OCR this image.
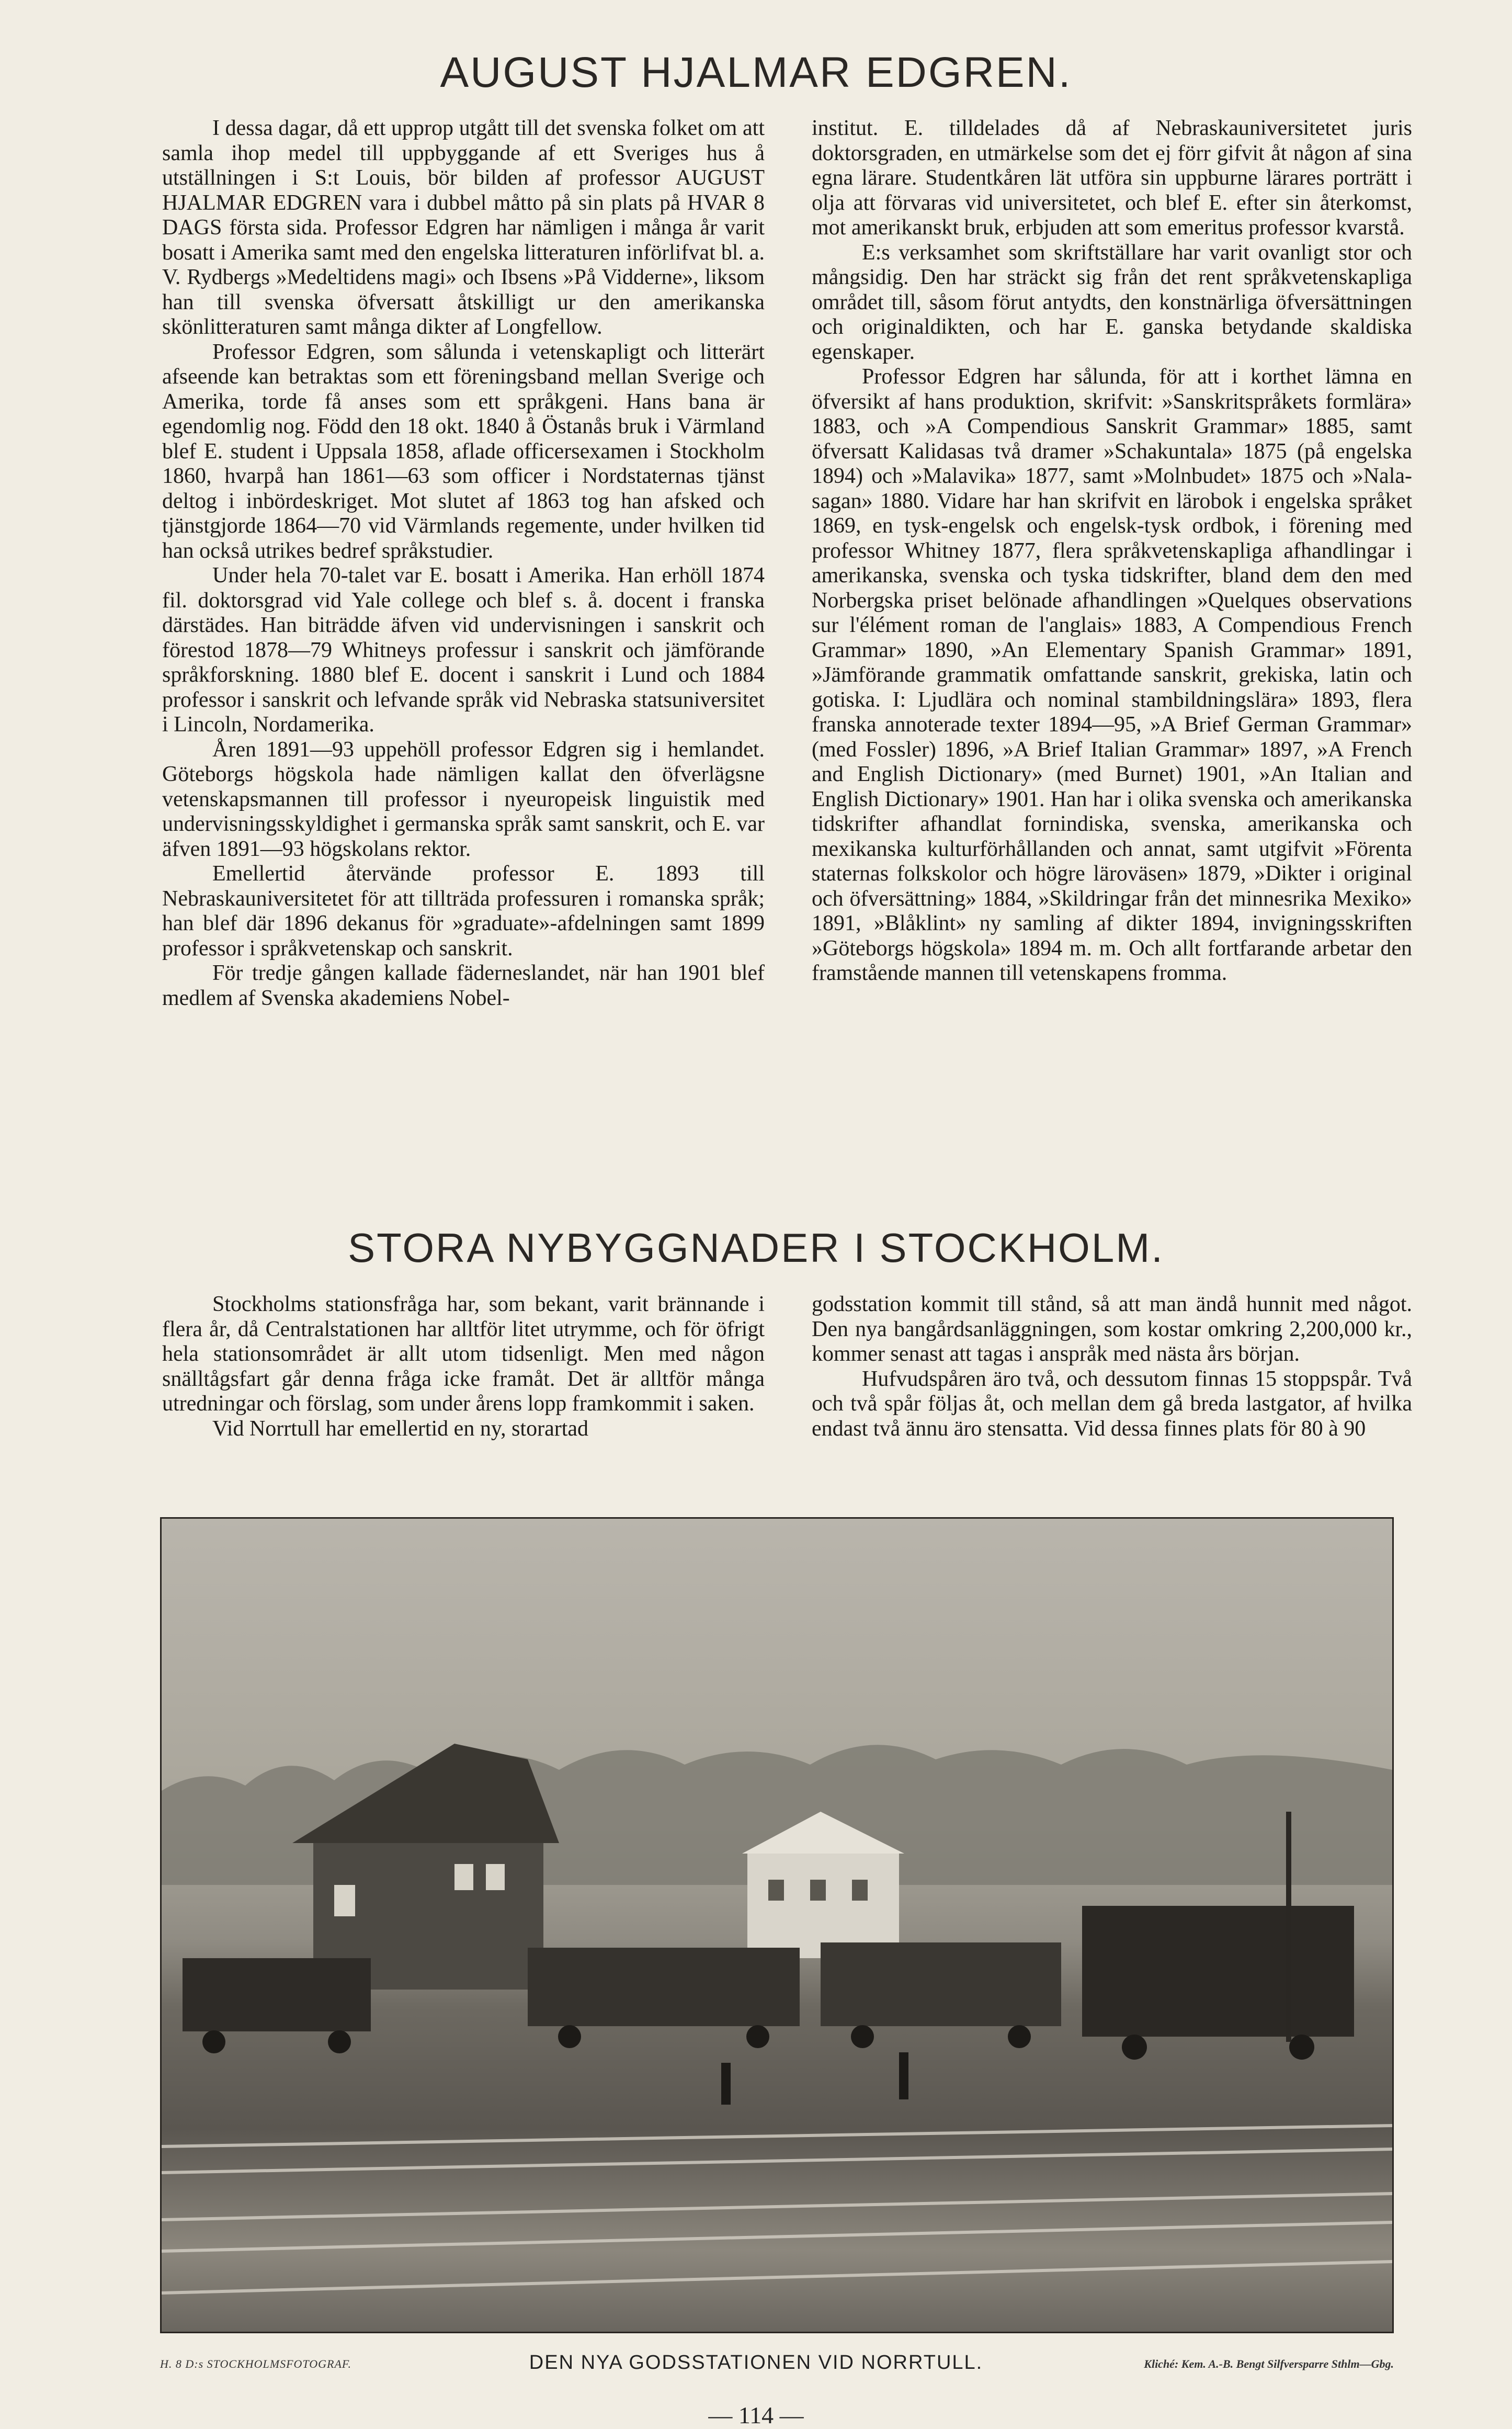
AUGUST HJALMAR EDGREN.

I dessa dagar, då ett upprop utgått till det svenska folket om att samla ihop medel till uppbyggande af ett Sveriges hus å utställningen i S:t Louis, bör bilden af professor AUGUST HJALMAR EDGREN vara i dubbel måtto på sin plats på HVAR 8 DAGS första sida. Professor Edgren har nämligen i många år varit bosatt i Amerika samt med den engelska litteraturen införlifvat bl. a. V. Rydbergs »Medeltidens magi» och Ibsens »På Vidderne», liksom han till svenska öfversatt åtskilligt ur den amerikanska skönlitteraturen samt många dikter af Longfellow.

Professor Edgren, som sålunda i vetenskapligt och litterärt afseende kan betraktas som ett föreningsband mellan Sverige och Amerika, torde få anses som ett språkgeni. Hans bana är egendomlig nog. Född den 18 okt. 1840 å Östanås bruk i Värmland blef E. student i Uppsala 1858, aflade officersexamen i Stockholm 1860, hvarpå han 1861—63 som officer i Nordstaternas tjänst deltog i inbördeskriget. Mot slutet af 1863 tog han afsked och tjänstgjorde 1864—70 vid Värmlands regemente, under hvilken tid han också utrikes bedref språkstudier.

Under hela 70-talet var E. bosatt i Amerika. Han erhöll 1874 fil. doktorsgrad vid Yale college och blef s. å. docent i franska därstädes. Han biträdde äfven vid undervisningen i sanskrit och förestod 1878—79 Whitneys professur i sanskrit och jämförande språkforskning. 1880 blef E. docent i sanskrit i Lund och 1884 professor i sanskrit och lefvande språk vid Nebraska statsuniversitet i Lincoln, Nordamerika.

Åren 1891—93 uppehöll professor Edgren sig i hemlandet. Göteborgs högskola hade nämligen kallat den öfverlägsne vetenskapsmannen till professor i nyeuropeisk linguistik med undervisningsskyldighet i germanska språk samt sanskrit, och E. var äfven 1891—93 högskolans rektor.

Emellertid återvände professor E. 1893 till Nebraskauniversitetet för att tillträda professuren i romanska språk; han blef där 1896 dekanus för »graduate»-afdelningen samt 1899 professor i språkvetenskap och sanskrit.

För tredje gången kallade fäderneslandet, när han 1901 blef medlem af Svenska akademiens Nobel-

institut. E. tilldelades då af Nebraskauniversitetet juris doktorsgraden, en utmärkelse som det ej förr gifvit åt någon af sina egna lärare. Studentkåren lät utföra sin uppburne lärares porträtt i olja att förvaras vid universitetet, och blef E. efter sin återkomst, mot amerikanskt bruk, erbjuden att som emeritus professor kvarstå.

E:s verksamhet som skriftställare har varit ovanligt stor och mångsidig. Den har sträckt sig från det rent språkvetenskapliga området till, såsom förut antydts, den konstnärliga öfversättningen och originaldikten, och har E. ganska betydande skaldiska egenskaper.

Professor Edgren har sålunda, för att i korthet lämna en öfversikt af hans produktion, skrifvit: »Sanskritspråkets formlära» 1883, och »A Compendious Sanskrit Grammar» 1885, samt öfversatt Kalidasas två dramer »Schakuntala» 1875 (på engelska 1894) och »Malavika» 1877, samt »Molnbudet» 1875 och »Nala-sagan» 1880. Vidare har han skrifvit en lärobok i engelska språket 1869, en tysk-engelsk och engelsk-tysk ordbok, i förening med professor Whitney 1877, flera språkvetenskapliga afhandlingar i amerikanska, svenska och tyska tidskrifter, bland dem den med Norbergska priset belönade afhandlingen »Quelques observations sur l'élément roman de l'anglais» 1883, A Compendious French Grammar» 1890, »An Elementary Spanish Grammar» 1891, »Jämförande grammatik omfattande sanskrit, grekiska, latin och gotiska. I: Ljudlära och nominal stambildningslära» 1893, flera franska annoterade texter 1894—95, »A Brief German Grammar» (med Fossler) 1896, »A Brief Italian Grammar» 1897, »A French and English Dictionary» (med Burnet) 1901, »An Italian and English Dictionary» 1901. Han har i olika svenska och amerikanska tidskrifter afhandlat fornindiska, svenska, amerikanska och mexikanska kulturförhållanden och annat, samt utgifvit »Förenta staternas folkskolor och högre läroväsen» 1879, »Dikter i original och öfversättning» 1884, »Skildringar från det minnesrika Mexiko» 1891, »Blåklint» ny samling af dikter 1894, invigningsskriften »Göteborgs högskola» 1894 m. m. Och allt fortfarande arbetar den framstående mannen till vetenskapens fromma.

STORA NYBYGGNADER I STOCKHOLM.

Stockholms stationsfråga har, som bekant, varit brännande i flera år, då Centralstationen har alltför litet utrymme, och för öfrigt hela stationsområdet är allt utom tidsenligt. Men med någon snälltågsfart går denna fråga icke framåt. Det är alltför många utredningar och förslag, som under årens lopp framkommit i saken.

Vid Norrtull har emellertid en ny, storartad

godsstation kommit till stånd, så att man ändå hunnit med något. Den nya bangårdsanläggningen, som kostar omkring 2,200,000 kr., kommer senast att tagas i anspråk med nästa års början.

Hufvudspåren äro två, och dessutom finnas 15 stoppspår. Två och två spår följas åt, och mellan dem gå breda lastgator, af hvilka endast två ännu äro stensatta. Vid dessa finnes plats för 80 à 90

H. 8 D:s STOCKHOLMSFOTOGRAF.	DEN NYA GODSSTATIONEN VID NORRTULL.	Kliché: Kem. A.-B. Bengt Silfversparre Sthlm—Gbg.
— 114 —
